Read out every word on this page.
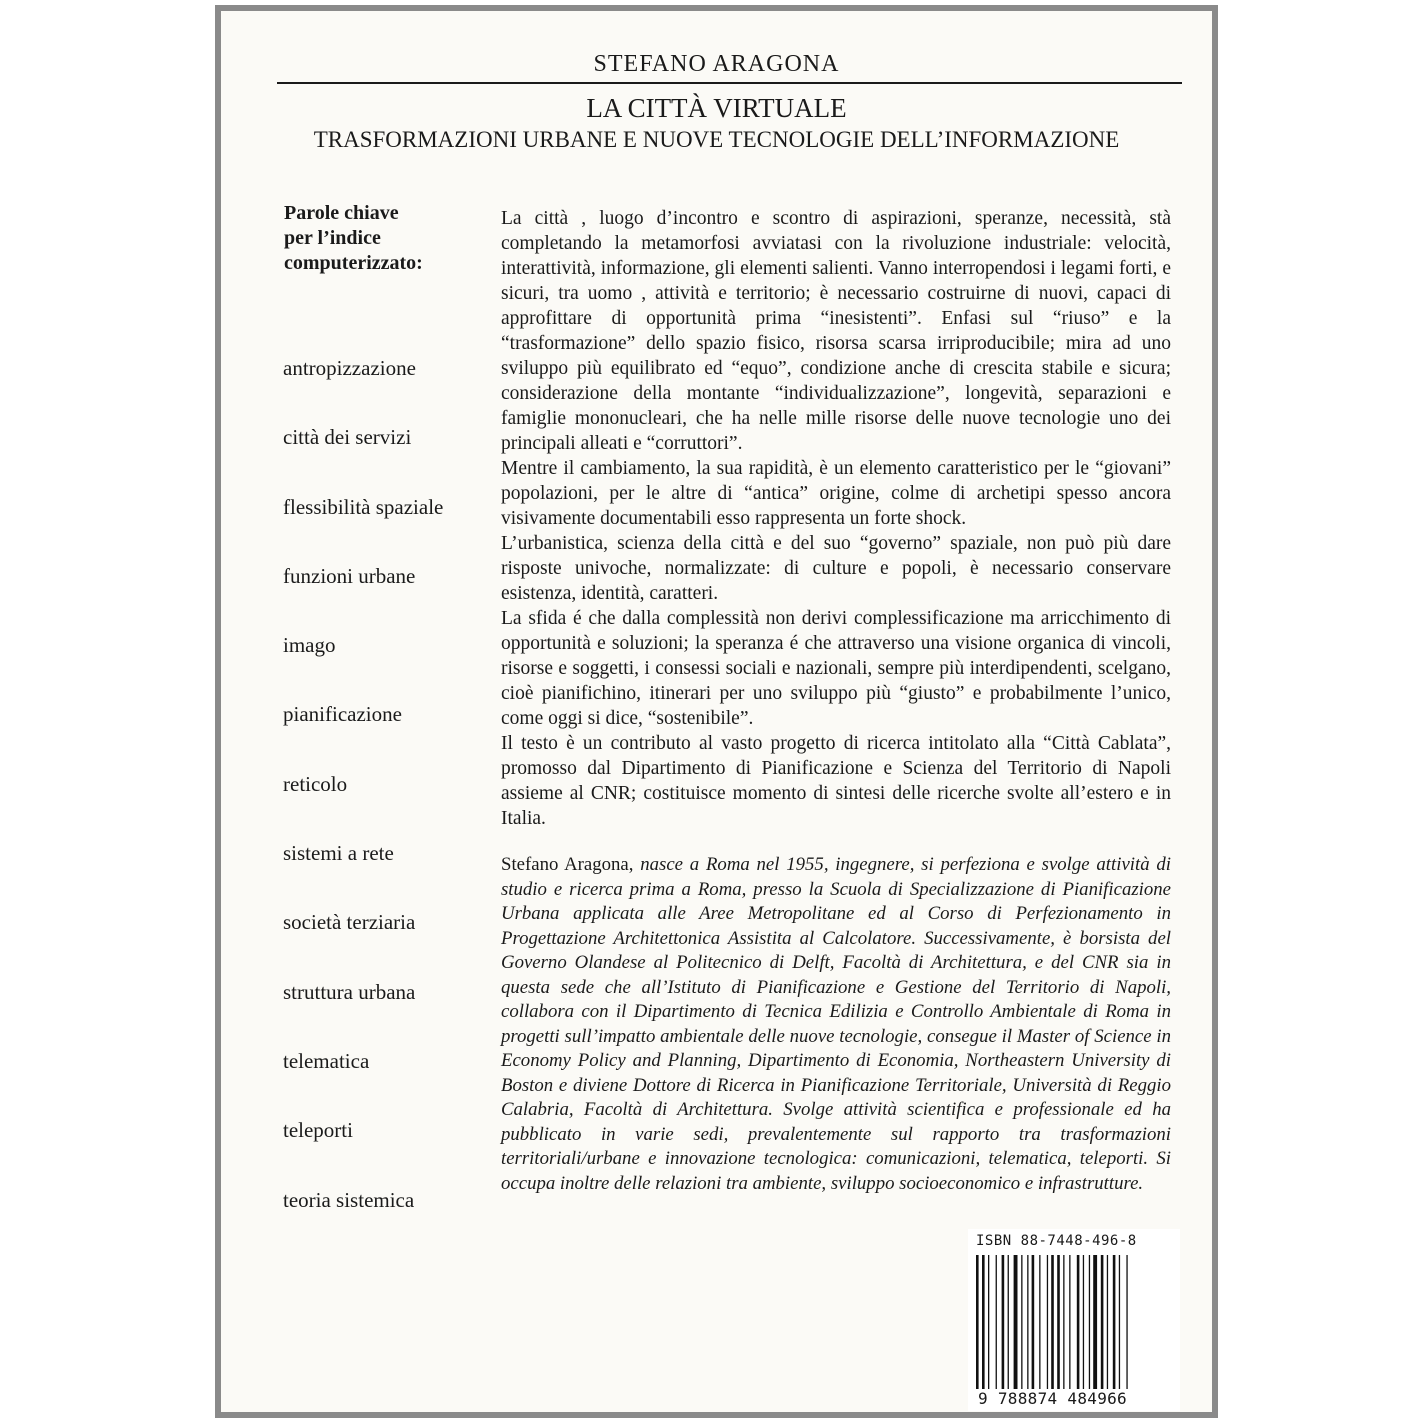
STEFANO ARAGONA
LA CITTÀ VIRTUALE
TRASFORMAZIONI URBANE E NUOVE TECNOLOGIE DELL’INFORMAZIONE
Parole chiave
per l’indice
computerizzato:
antropizzazione
città dei servizi
flessibilità spaziale
funzioni urbane
imago
pianificazione
reticolo
sistemi a rete
società terziaria
struttura urbana
telematica
teleporti
teoria sistemica

La città , luogo d’incontro e scontro di aspirazioni, speranze, necessità, stà completando la metamorfosi avviatasi con la rivoluzione industriale: velocità, interattività, informazione, gli elementi salienti. Vanno interropendosi i legami forti, e sicuri, tra uomo , attività e territorio; è necessario costruirne di nuovi, capaci di approfittare di opportunità prima “inesistenti”. Enfasi sul “riuso” e la “trasformazione” dello spazio fisico, risorsa scarsa irriproducibile; mira ad uno sviluppo più equilibrato ed “equo”, condizione anche di crescita stabile e sicura; considerazione della montante “individualizzazione”, longevità, separazioni e famiglie mononucleari, che ha nelle mille risorse delle nuove tecnologie uno dei principali alleati e “corruttori”.

Mentre il cambiamento, la sua rapidità, è un elemento caratteristico per le “giovani” popolazioni, per le altre di “antica” origine, colme di archetipi spesso ancora visivamente documentabili esso rappresenta un forte shock.

L’urbanistica, scienza della città e del suo “governo” spaziale, non può più dare risposte univoche, normalizzate: di culture e popoli, è necessario conservare esistenza, identità, caratteri.

La sfida é che dalla complessità non derivi complessificazione ma arricchimento di opportunità e soluzioni; la speranza é che attraverso una visione organica di vincoli, risorse e soggetti, i consessi sociali e nazionali, sempre più interdipendenti, scelgano, cioè pianifichino, itinerari per uno sviluppo più “giusto” e probabilmente l’unico, come oggi si dice, “sostenibile”.

Il testo è un contributo al vasto progetto di ricerca intitolato alla “Città Cablata”, promosso dal Dipartimento di Pianificazione e Scienza del Territorio di Napoli assieme al CNR; costituisce momento di sintesi delle ricerche svolte all’estero e in Italia.

Stefano Aragona, nasce a Roma nel 1955, ingegnere, si perfeziona e svolge attività di studio e ricerca prima a Roma, presso la Scuola di Specializzazione di Pianificazione Urbana applicata alle Aree Metropolitane ed al Corso di Perfezionamento in Progettazione Architettonica Assistita al Calcolatore. Successivamente, è borsista del Governo Olandese al Politecnico di Delft, Facoltà di Architettura, e del CNR sia in questa sede che all’Istituto di Pianificazione e Gestione del Territorio di Napoli, collabora con il Dipartimento di Tecnica Edilizia e Controllo Ambientale di Roma in progetti sull’impatto ambientale delle nuove tecnologie, consegue il Master of Science in Economy Policy and Planning, Dipartimento di Economia, Northeastern University di Boston e diviene Dottore di Ricerca in Pianificazione Territoriale, Università di Reggio Calabria, Facoltà di Architettura. Svolge attività scientifica e professionale ed ha pubblicato in varie sedi, prevalentemente sul rapporto tra trasformazioni territoriali/urbane e innovazione tecnologica: comunicazioni, telematica, teleporti. Si occupa inoltre delle relazioni tra ambiente, sviluppo socioeconomico e infrastrutture.
ISBN 88-7448-496-8
9 788874 484966
